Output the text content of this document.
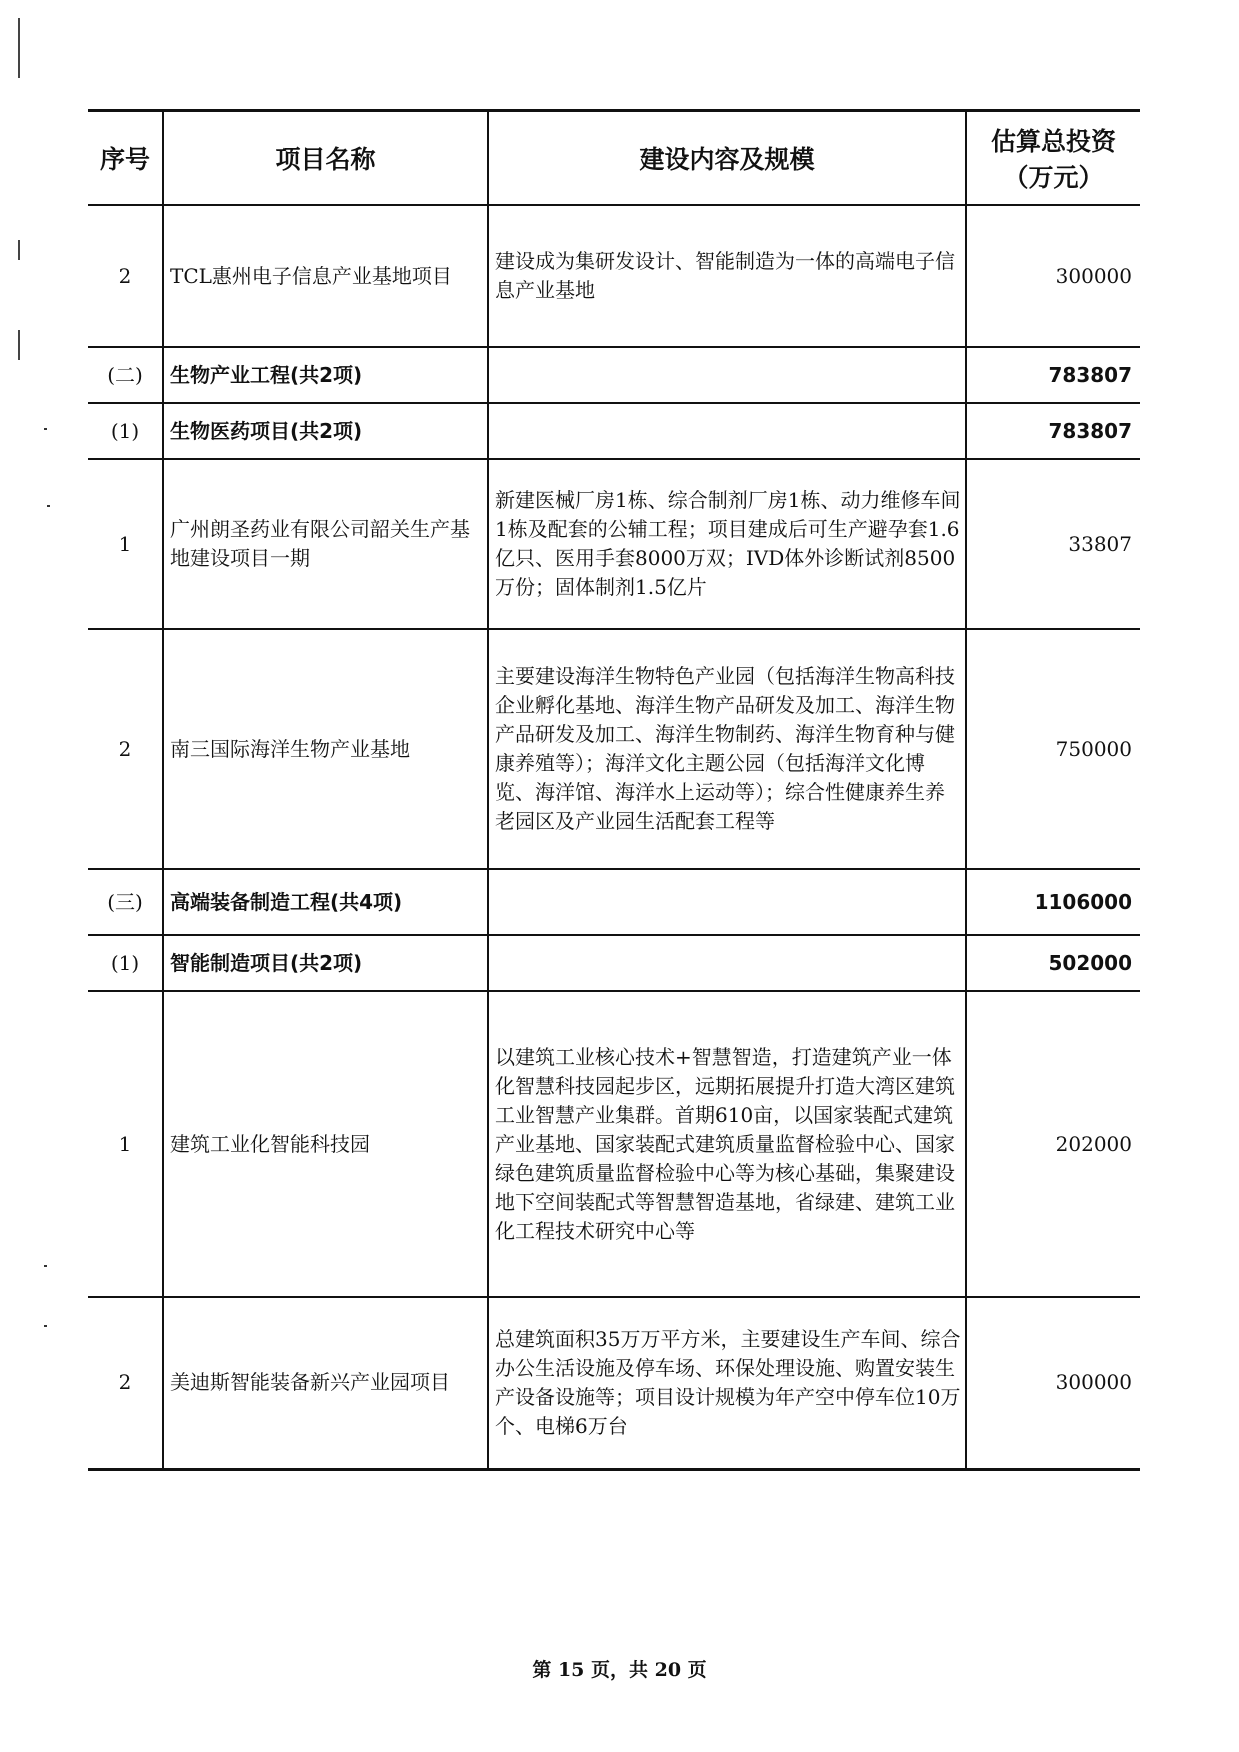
序号	项目名称	建设内容及规模	估算总投资
（万元）

2	TCL惠州电子信息产业基地项目	建设成为集研发设计、智能制造为一体的高端电子信息产业基地	300000
(二)	生物产业工程(共2项)		783807
(1)	生物医药项目(共2项)		783807
1	广州朗圣药业有限公司韶关生产基地建设项目一期	新建医械厂房1栋、综合制剂厂房1栋、动力维修车间1栋及配套的公辅工程；项目建成后可生产避孕套1.6亿只、医用手套8000万双；IVD体外诊断试剂8500万份；固体制剂1.5亿片	33807
2	南三国际海洋生物产业基地	主要建设海洋生物特色产业园（包括海洋生物高科技企业孵化基地、海洋生物产品研发及加工、海洋生物产品研发及加工、海洋生物制药、海洋生物育种与健康养殖等）；海洋文化主题公园（包括海洋文化博览、海洋馆、海洋水上运动等）；综合性健康养生养老园区及产业园生活配套工程等	750000
(三)	高端装备制造工程(共4项)		1106000
(1)	智能制造项目(共2项)		502000
1	建筑工业化智能科技园	以建筑工业核心技术+智慧智造，打造建筑产业一体化智慧科技园起步区，远期拓展提升打造大湾区建筑工业智慧产业集群。首期610亩，以国家装配式建筑产业基地、国家装配式建筑质量监督检验中心、国家绿色建筑质量监督检验中心等为核心基础，集聚建设地下空间装配式等智慧智造基地，省绿建、建筑工业化工程技术研究中心等	202000
2	美迪斯智能装备新兴产业园项目	总建筑面积35万万平方米，主要建设生产车间、综合办公生活设施及停车场、环保处理设施、购置安装生产设备设施等；项目设计规模为年产空中停车位10万个、电梯6万台	300000
第 15 页，共 20 页
